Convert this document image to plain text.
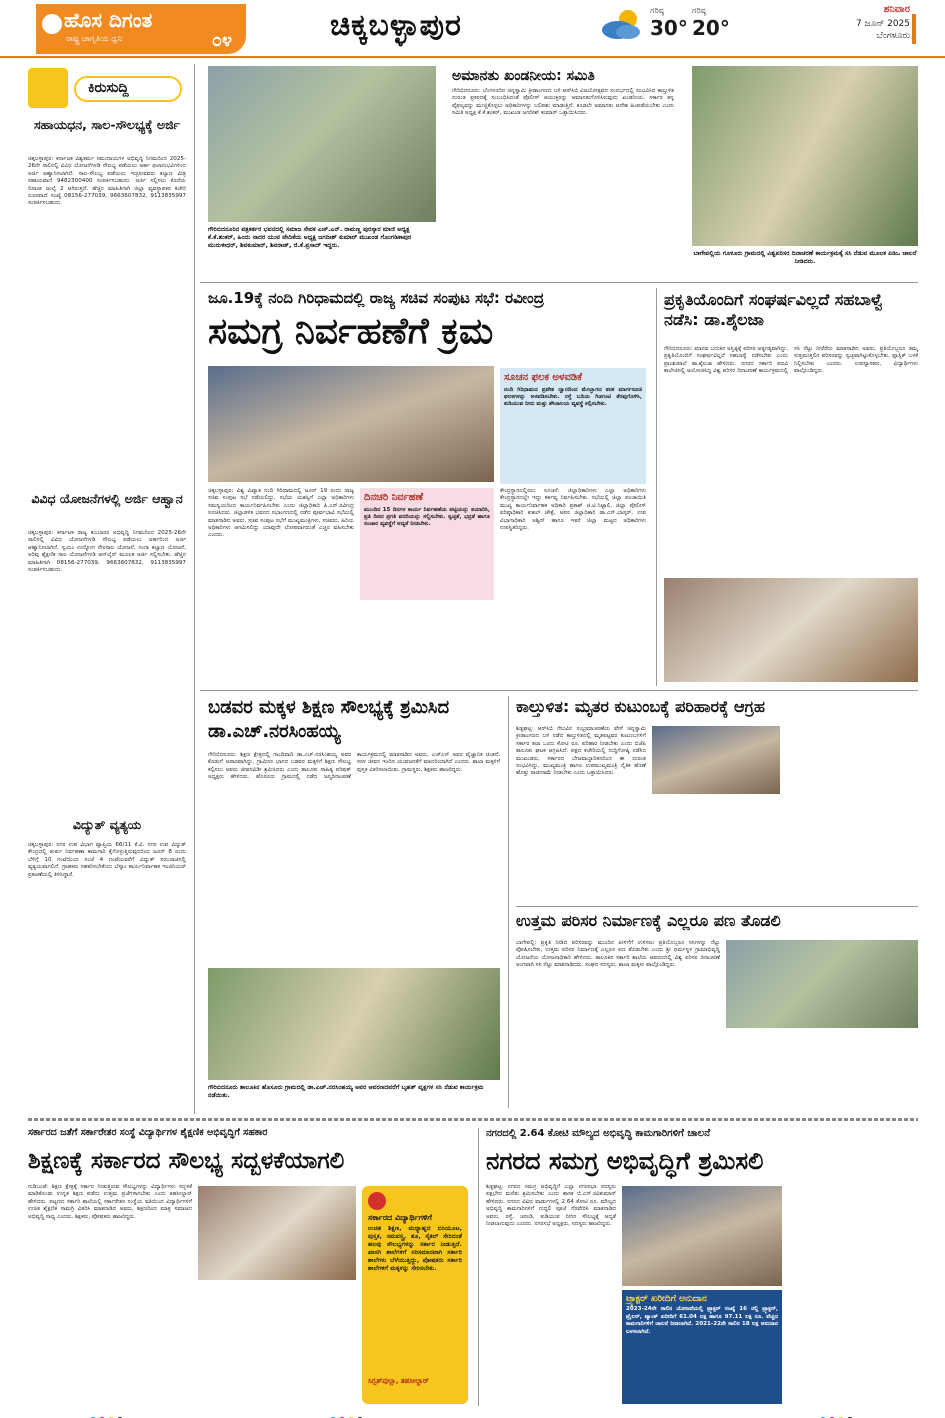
ಹೊಸ ದಿಗಂತ
ರಾಷ್ಟ್ರ ಜಾಗೃತಿಯ ಧ್ವನಿ	೦೪	ಚಿಕ್ಕಬಳ್ಳಾಪುರ	ಗರಿಷ್ಠ
30°
ಗರಿಷ್ಠ
20°
ಶನಿವಾರ
7 ಜೂನ್ 2025
ಬೆಂಗಳೂರು
ಕಿರುಸುದ್ದಿ
ಸಹಾಯಧನ, ಸಾಲ-ಸೌಲಭ್ಯಕ್ಕೆ ಅರ್ಜಿ
ಚಿಕ್ಕಬಳ್ಳಾಪುರ: ಕರ್ನಾಟಕ ವಿಶ್ವಕರ್ಮ ಸಮುದಾಯಗಳ ಅಭಿವೃದ್ಧಿ ನಿಗಮದಿಂದ 2025-26ನೇ ಸಾಲಿನಲ್ಲಿ ವಿವಿಧ ಯೋಜನೆಗಳಡಿ ಸೌಲಭ್ಯ ಪಡೆಯಲು ಅರ್ಹ ಫಲಾನುಭವಿಗಳಿಂದ ಅರ್ಜಿ ಆಹ್ವಾನಿಸಲಾಗಿದೆ. ಸಾಲ-ಸೌಲಭ್ಯ ಪಡೆಯಲು ಇಚ್ಛಿಸುವವರು ಕಲ್ಯಾಣ ಮಿತ್ರ ಸಹಾಯವಾಣಿ 9482300400 ಸಂಪರ್ಕಿಸಬಹುದು. ಅರ್ಜಿ ಸಲ್ಲಿಸಲು ಕೊನೆಯ ದಿನಾಂಕ ಜುಲೈ 2 ಆಗಿರುತ್ತದೆ. ಹೆಚ್ಚಿನ ಮಾಹಿತಿಗಾಗಿ ಜಿಲ್ಲಾ ವ್ಯವಸ್ಥಾಪಕರ ಕಚೇರಿ ದೂರವಾಣಿ ಸಂಖ್ಯೆ 08156-277039, 9663607832, 9113835997 ಸಂಪರ್ಕಿಸಬಹುದು.
ವಿವಿಧ ಯೋಜನೆಗಳಲ್ಲಿ ಅರ್ಜಿ ಆಹ್ವಾನ
ಚಿಕ್ಕಬಳ್ಳಾಪುರ: ಕರ್ನಾಟಕ ರಾಜ್ಯ ಕುಂಬಾರರ ಅಭಿವೃದ್ಧಿ ನಿಗಮದಿಂದ 2025-26ನೇ ಸಾಲಿನಲ್ಲಿ ವಿವಿಧ ಯೋಜನೆಗಳಡಿ ಸೌಲಭ್ಯ ಪಡೆಯಲು ಅರ್ಹರಿಂದ ಅರ್ಜಿ ಆಹ್ವಾನಿಸಲಾಗಿದೆ. ಸ್ವಯಂ ಉದ್ಯೋಗ ನೇರಸಾಲ ಯೋಜನೆ, ಗಂಗಾ ಕಲ್ಯಾಣ ಯೋಜನೆ, ಅರಿವು ಶೈಕ್ಷಣಿಕ ಸಾಲ ಯೋಜನೆಗಳಡಿ ಆನ್‌ಲೈನ್ ಮೂಲಕ ಅರ್ಜಿ ಸಲ್ಲಿಸಬೇಕು. ಹೆಚ್ಚಿನ ಮಾಹಿತಿಗಾಗಿ 08156-277039, 9663607832, 9113835997 ಸಂಪರ್ಕಿಸಬಹುದು.
ವಿದ್ಯುತ್ ವ್ಯತ್ಯಯ
ಚಿಕ್ಕಬಳ್ಳಾಪುರ: ನಗರ ಉಪ ವಿಭಾಗ ವ್ಯಾಪ್ತಿಯ 66/11 ಕೆ.ವಿ. ನಗರ ಉಪ ವಿದ್ಯುತ್ ಕೇಂದ್ರದಲ್ಲಿ ತುರ್ತು ನಿರ್ವಹಣಾ ಕಾಮಗಾರಿ ಕೈಗೊಳ್ಳುತ್ತಿರುವುದರಿಂದ ಜೂನ್ 8 ರಂದು ಬೆಳಿಗ್ಗೆ 10 ಗಂಟೆಯಿಂದ ಸಂಜೆ 4 ಗಂಟೆಯವರೆಗೆ ವಿದ್ಯುತ್ ಸರಬರಾಜಿನಲ್ಲಿ ವ್ಯತ್ಯಯವಾಗಲಿದೆ. ಗ್ರಾಹಕರು ಸಹಕರಿಸಬೇಕೆಂದು ಬೆಸ್ಕಾಂ ಕಾರ್ಯನಿರ್ವಾಹಕ ಇಂಜಿನಿಯರ್ ಪ್ರಕಟಣೆಯಲ್ಲಿ ತಿಳಿಸಿದ್ದಾರೆ.
ಗೌರಿಬಿದನೂರಿನ ಪತ್ರಕರ್ತರ ಭವನದಲ್ಲಿ ಸಮಾಜ ಸೇವಕ ಎಚ್.ಎನ್. ರಾಮಣ್ಣ ಪುರಸ್ಕಾರ ಮಾಜಿ ಅಧ್ಯಕ್ಷ ಕೆ.ಕೆ.ಶಂಕರ್‌, ಹಿಂದು ಸಾದರ ಯುವ ವೇದಿಕೆಯ ಅಧ್ಯಕ್ಷ ಜಗದೀಶ್ ಕುಮಾರ್ ಮುಖಂಡ ಗೊಂಗಡಿಕಾಪುರ ಮುರುಳೀಧರ್, ಶಿವಕುಮಾರ್, ಶಿವರಾಜ್, ಜಿ.ಕೆ.ಪ್ರಸಾದ್ ಇದ್ದರು.
ಅಮಾನತು ಖಂಡನೀಯ: ಸಮಿತಿ
ಗೌರಿಬಿದನೂರು: ಬೆಂಗಳೂರಿನ ಚಿನ್ನಸ್ವಾಮಿ ಕ್ರೀಡಾಂಗಣದ ಬಳಿ ಆರ್‌ಸಿಬಿ ವಿಜಯೋತ್ಸವದ ಸಂದರ್ಭದಲ್ಲಿ ಸಂಭವಿಸಿದ ಕಾಲ್ತುಳಿತ ದುರಂತ ಪ್ರಕರಣಕ್ಕೆ ಸಂಬಂಧಿಸಿದಂತೆ ಪೊಲೀಸ್ ಆಯುಕ್ತರನ್ನು ಅಮಾನತುಗೊಳಿಸಿರುವುದು ಖಂಡನೀಯ. ಸರ್ಕಾರ ತನ್ನ ವೈಫಲ್ಯವನ್ನು ಮುಚ್ಚಿಕೊಳ್ಳಲು ಅಧಿಕಾರಿಗಳನ್ನು ಬಲಿಪಶು ಮಾಡುತ್ತಿದೆ. ಕೂಡಲೇ ಅಮಾನತು ಆದೇಶ ಹಿಂಪಡೆಯಬೇಕು ಎಂದು ಸಮಿತಿ ಅಧ್ಯಕ್ಷ ಕೆ.ಕೆ.ಶಂಕರ್, ಮುಖಂಡ ಜಗದೀಶ್ ಕುಮಾರ್ ಒತ್ತಾಯಿಸಿದರು.
ಬಾಗೇಪಲ್ಲಿಯ ಗೂಳೂರು ಗ್ರಾಮದಲ್ಲಿ ವಿಶ್ವಪರಿಸರ ದಿನಾಚರಣೆ ಕಾರ್ಯಕ್ರಮಕ್ಕೆ ಸಸಿ ನೆಡುವ ಮೂಲಕ ಪಿಡಿಒ ಚಾಲನೆ ನೀಡಿದರು.
ಜೂ.19ಕ್ಕೆ ನಂದಿ ಗಿರಿಧಾಮದಲ್ಲಿ ರಾಜ್ಯ ಸಚಿವ ಸಂಪುಟ ಸಭೆ: ರವೀಂದ್ರ
ಸಮಗ್ರ ನಿರ್ವಹಣೆಗೆ ಕ್ರಮ
ಸೂಚನ ಫಲಕ ಅಳವಡಿಕೆ
ನಂದಿ ಗಿರಿಧಾಮದ ಪ್ರವೇಶ ದ್ವಾರದಿಂದ ಮೇಲ್ಭಾಗದ ತನಕ ಮಾರ್ಗಸೂಚಿ ಫಲಕಗಳನ್ನು ಅಳವಡಿಸಬೇಕು. ರಸ್ತೆ ಬದಿಯ ಗಿಡಗಂಟಿ ತೆರವುಗೊಳಿಸಿ, ಕುಡಿಯುವ ನೀರು ಮತ್ತು ಶೌಚಾಲಯ ವ್ಯವಸ್ಥೆ ಕಲ್ಪಿಸಬೇಕು.
ಚಿಕ್ಕಬಳ್ಳಾಪುರ: ವಿಶ್ವ ವಿಖ್ಯಾತ ನಂದಿ ಗಿರಿಧಾಮದಲ್ಲಿ ಜೂನ್ 19 ರಂದು ರಾಜ್ಯ ಸಚಿವ ಸಂಪುಟ ಸಭೆ ನಡೆಯಲಿದ್ದು, ಸಭೆಯ ಯಶಸ್ವಿಗೆ ಎಲ್ಲಾ ಅಧಿಕಾರಿಗಳು ಸಮನ್ವಯದಿಂದ ಕಾರ್ಯನಿರ್ವಹಿಸಬೇಕು ಎಂದು ಜಿಲ್ಲಾಧಿಕಾರಿ ಪಿ.ಎನ್.ರವೀಂದ್ರ ಸೂಚಿಸಿದರು. ಜಿಲ್ಲಾಡಳಿತ ಭವನದ ಸಭಾಂಗಣದಲ್ಲಿ ನಡೆದ ಪೂರ್ವಭಾವಿ ಸಭೆಯಲ್ಲಿ ಮಾತನಾಡಿದ ಅವರು, ಸಚಿವ ಸಂಪುಟ ಸಭೆಗೆ ಮುಖ್ಯಮಂತ್ರಿಗಳು, ಸಚಿವರು, ಹಿರಿಯ ಅಧಿಕಾರಿಗಳು ಆಗಮಿಸಲಿದ್ದು ಯಾವುದೇ ಲೋಪವಾಗದಂತೆ ಎಚ್ಚರ ವಹಿಸಬೇಕು ಎಂದರು.
ದಿನಚರಿ ನಿರ್ವಹಣೆ
ಮುಂದಿನ 15 ದಿನಗಳ ಕಾರ್ಯ ನಿರ್ವಹಣೆಯ ಪಟ್ಟಿಯನ್ನು ತಯಾರಿಸಿ, ಪ್ರತಿ ದಿನದ ಪ್ರಗತಿ ವರದಿಯನ್ನು ಸಲ್ಲಿಸಬೇಕು. ಸ್ವಚ್ಛತೆ, ಭದ್ರತೆ ಹಾಗೂ ಸಂಚಾರ ವ್ಯವಸ್ಥೆಗೆ ಆದ್ಯತೆ ನೀಡಬೇಕು.
ಕೇಂದ್ರಸ್ಥಾನದಲ್ಲಿರಲು ಸೂಚನೆ: ಜಿಲ್ಲಾಧಿಕಾರಿಗಳು ಎಲ್ಲಾ ಅಧಿಕಾರಿಗಳು ಕೇಂದ್ರಸ್ಥಾನದಲ್ಲೇ ಇದ್ದು ಕರ್ತವ್ಯ ನಿರ್ವಹಿಸಬೇಕು. ಸಭೆಯಲ್ಲಿ ಜಿಲ್ಲಾ ಪಂಚಾಯಿತಿ ಮುಖ್ಯ ಕಾರ್ಯನಿರ್ವಾಹಕ ಅಧಿಕಾರಿ ಪ್ರಕಾಶ್ ಜಿ.ಟಿ.ನಿಟ್ಟಾಲಿ, ಜಿಲ್ಲಾ ಪೊಲೀಸ್ ವರಿಷ್ಠಾಧಿಕಾರಿ ಕುಶಲ್ ಚೌಕ್ಸೆ, ಅಪರ ಜಿಲ್ಲಾಧಿಕಾರಿ ಡಾ.ಎನ್.ಭಾಸ್ಕರ್, ಉಪ ವಿಭಾಗಾಧಿಕಾರಿ ಅಶ್ವಿನ್ ಹಾಗೂ ಇತರೆ ಜಿಲ್ಲಾ ಮಟ್ಟದ ಅಧಿಕಾರಿಗಳು ಉಪಸ್ಥಿತರಿದ್ದರು.
ಪ್ರಕೃತಿಯೊಂದಿಗೆ ಸಂಘರ್ಷವಿಲ್ಲದೆ ಸಹಬಾಳ್ವೆ ನಡೆಸಿ: ಡಾ.ಶೈಲಜಾ
ಗೌರಿಬಿದನೂರು: ಮಾನವ ಬದುಕಿನ ಅಸ್ತಿತ್ವಕ್ಕೆ ಪರಿಸರ ಅತ್ಯಗತ್ಯವಾಗಿದ್ದು, ಪ್ರಕೃತಿಯೊಂದಿಗೆ ಸಂಘರ್ಷವಿಲ್ಲದೆ ಸಹಬಾಳ್ವೆ ನಡೆಸಬೇಕು ಎಂದು ಪ್ರಾಂಶುಪಾಲೆ ಡಾ.ಶೈಲಜಾ ಹೇಳಿದರು. ನಗರದ ಸರ್ಕಾರಿ ಪದವಿ ಕಾಲೇಜಿನಲ್ಲಿ ಆಯೋಜಿಸಿದ್ದ ವಿಶ್ವ ಪರಿಸರ ದಿನಾಚರಣೆ ಕಾರ್ಯಕ್ರಮದಲ್ಲಿ ಸಸಿ ನೆಟ್ಟು ನೀರೆರೆದು ಮಾತನಾಡಿದ ಅವರು, ಪ್ರತಿಯೊಬ್ಬರೂ ತಮ್ಮ ಸುತ್ತಮುತ್ತಲಿನ ಪರಿಸರವನ್ನು ಸ್ವಚ್ಛವಾಗಿಟ್ಟುಕೊಳ್ಳಬೇಕು, ಪ್ಲಾಸ್ಟಿಕ್ ಬಳಕೆ ನಿಲ್ಲಿಸಬೇಕು ಎಂದರು. ಉಪನ್ಯಾಸಕರು, ವಿದ್ಯಾರ್ಥಿಗಳು ಪಾಲ್ಗೊಂಡಿದ್ದರು.
ಬಡವರ ಮಕ್ಕಳ ಶಿಕ್ಷಣ ಸೌಲಭ್ಯಕ್ಕೆ ಶ್ರಮಿಸಿದ ಡಾ.ಎಚ್.ನರಸಿಂಹಯ್ಯ
ಗೌರಿಬಿದನೂರು: ಶಿಕ್ಷಣ ಕ್ಷೇತ್ರದಲ್ಲಿ ಗಾಂಧಿವಾದಿ ಡಾ.ಎಚ್.ನರಸಿಂಹಯ್ಯ ಅವರ ಕೊಡುಗೆ ಅಪಾರವಾಗಿದ್ದು, ಗ್ರಾಮೀಣ ಭಾಗದ ಬಡವರ ಮಕ್ಕಳಿಗೆ ಶಿಕ್ಷಣ ಸೌಲಭ್ಯ ಕಲ್ಪಿಸಲು ಅವರು ಜೀವನವಿಡೀ ಶ್ರಮಿಸಿದರು ಎಂದು ತಾಲೂಕು ಸಾಹಿತ್ಯ ಪರಿಷತ್ ಅಧ್ಯಕ್ಷರು ಹೇಳಿದರು. ಹೊಸೂರು ಗ್ರಾಮದಲ್ಲಿ ನಡೆದ ಜನ್ಮದಿನಾಚರಣೆ ಕಾರ್ಯಕ್ರಮದಲ್ಲಿ ಮಾತನಾಡಿದ ಅವರು, ಎಚ್‌ಎನ್ ಅವರ ವೈಜ್ಞಾನಿಕ ಚಿಂತನೆ, ಸರಳ ಜೀವನ ಇಂದಿನ ಯುವಜನತೆಗೆ ಮಾದರಿಯಾಗಿದೆ ಎಂದರು. ಶಾಲಾ ಮಕ್ಕಳಿಗೆ ಪುಸ್ತಕ ವಿತರಿಸಲಾಯಿತು. ಗ್ರಾಮಸ್ಥರು, ಶಿಕ್ಷಕರು ಹಾಜರಿದ್ದರು.
ಗೌರಿಬಿದನೂರು ತಾಲೂಕಿನ ಹೊಸೂರು ಗ್ರಾಮದಲ್ಲಿ ಡಾ.ಎಚ್.ನರಸಿಂಹಯ್ಯ ಅವರ ಆವರಣದವರೆಗೆ ಬೃಹತ್ ವೃಕ್ಷಗಳ ಸಸಿ ನೆಡುವ ಕಾರ್ಯಕ್ರಮ ನಡೆಯಿತು.
ಕಾಲ್ತುಳಿತ: ಮೃತರ ಕುಟುಂಬಕ್ಕೆ ಪರಿಹಾರಕ್ಕೆ ಆಗ್ರಹ
ಶಿಡ್ಲಘಟ್ಟ: ಆರ್‌ಸಿಬಿ ಗೆಲುವಿನ ಸಂಭ್ರಮಾಚರಣೆಯ ವೇಳೆ ಚಿನ್ನಸ್ವಾಮಿ ಕ್ರೀಡಾಂಗಣದ ಬಳಿ ನಡೆದ ಕಾಲ್ತುಳಿತದಲ್ಲಿ ಮೃತಪಟ್ಟವರ ಕುಟುಂಬಗಳಿಗೆ ಸರ್ಕಾರ ತಲಾ ಒಂದು ಕೋಟಿ ರೂ. ಪರಿಹಾರ ನೀಡಬೇಕು ಎಂದು ಬಿಜೆಪಿ ತಾಲೂಕು ಘಟಕ ಆಗ್ರಹಿಸಿದೆ. ಪಕ್ಷದ ಕಚೇರಿಯಲ್ಲಿ ಸುದ್ದಿಗೋಷ್ಠಿ ನಡೆಸಿದ ಮುಖಂಡರು, ಸರ್ಕಾರದ ಬೇಜವಾಬ್ದಾರಿತನದಿಂದ ಈ ದುರಂತ ಸಂಭವಿಸಿದ್ದು, ಮುಖ್ಯಮಂತ್ರಿ ಹಾಗೂ ಉಪಮುಖ್ಯಮಂತ್ರಿ ನೈತಿಕ ಹೊಣೆ ಹೊತ್ತು ರಾಜೀನಾಮೆ ನೀಡಬೇಕು ಎಂದು ಒತ್ತಾಯಿಸಿದರು.
ಉತ್ತಮ ಪರಿಸರ ನಿರ್ಮಾಣಕ್ಕೆ ಎಲ್ಲರೂ ಪಣ ತೊಡಲಿ
ಬಾಗೇಪಲ್ಲಿ: ಪ್ರಕೃತಿ ನೀಡಿದ ಪರಿಸರವನ್ನು ಮುಂದಿನ ಪೀಳಿಗೆಗೆ ಉಳಿಸಲು ಪ್ರತಿಯೊಬ್ಬರೂ ಸಸಿಗಳನ್ನು ನೆಟ್ಟು ಪೋಷಿಸಬೇಕು, ಉತ್ತಮ ಪರಿಸರ ನಿರ್ಮಾಣಕ್ಕೆ ಎಲ್ಲರೂ ಪಣ ತೊಡಬೇಕು ಎಂದು ಶ್ರೀ ಧರ್ಮಸ್ಥಳ ಗ್ರಾಮಾಭಿವೃದ್ಧಿ ಯೋಜನೆಯ ಯೋಜನಾಧಿಕಾರಿ ಹೇಳಿದರು. ತಾಲೂಕಿನ ಸರ್ಕಾರಿ ಶಾಲೆಯ ಆವರಣದಲ್ಲಿ ವಿಶ್ವ ಪರಿಸರ ದಿನಾಚರಣೆ ಅಂಗವಾಗಿ ಸಸಿ ನೆಟ್ಟು ಮಾತನಾಡಿದರು. ಸಂಘದ ಸದಸ್ಯರು, ಶಾಲಾ ಮಕ್ಕಳು ಪಾಲ್ಗೊಂಡಿದ್ದರು.
ಸರ್ಕಾರದ ಜತೆಗೆ ಸರ್ಕಾರೇತರ ಸಂಸ್ಥೆ ವಿದ್ಯಾರ್ಥಿಗಳ ಶೈಕ್ಷಣಿಕ ಅಭಿವೃದ್ಧಿಗೆ ಸಹಕಾರ
ಶಿಕ್ಷಣಕ್ಕೆ ಸರ್ಕಾರದ ಸೌಲಭ್ಯ ಸದ್ಬಳಕೆಯಾಗಲಿ
ಗುಡಿಬಂಡೆ: ಶಿಕ್ಷಣ ಕ್ಷೇತ್ರಕ್ಕೆ ಸರ್ಕಾರ ನೀಡುತ್ತಿರುವ ಸೌಲಭ್ಯಗಳನ್ನು ವಿದ್ಯಾರ್ಥಿಗಳು ಸದ್ಬಳಕೆ ಮಾಡಿಕೊಂಡು ಉನ್ನತ ಶಿಕ್ಷಣ ಪಡೆದು ಉತ್ತಮ ಪ್ರಜೆಗಳಾಗಬೇಕು ಎಂದು ತಹಸೀಲ್ದಾರ್ ಹೇಳಿದರು. ಪಟ್ಟಣದ ಸರ್ಕಾರಿ ಶಾಲೆಯಲ್ಲಿ ಸರ್ಕಾರೇತರ ಸಂಸ್ಥೆಯ ವತಿಯಿಂದ ವಿದ್ಯಾರ್ಥಿಗಳಿಗೆ ಉಚಿತ ಶೈಕ್ಷಣಿಕ ಸಾಮಗ್ರಿ ವಿತರಿಸಿ ಮಾತನಾಡಿದ ಅವರು, ಶಿಕ್ಷಣದಿಂದ ಮಾತ್ರ ಸಮಾಜದ ಅಭಿವೃದ್ಧಿ ಸಾಧ್ಯ ಎಂದರು. ಶಿಕ್ಷಕರು, ಪೋಷಕರು ಹಾಜರಿದ್ದರು.	ಸರ್ಕಾರದ ವಿದ್ಯಾರ್ಥಿಗಳಿಗೆ
ಉಚಿತ ಶಿಕ್ಷಣ, ಮಧ್ಯಾಹ್ನದ ಬಿಸಿಯೂಟ, ಪುಸ್ತಕ, ಸಮವಸ್ತ್ರ, ಶೂ, ಸೈಕಲ್ ಸೇರಿದಂತೆ ಹಲವು ಸೌಲಭ್ಯಗಳನ್ನು ಸರ್ಕಾರ ನೀಡುತ್ತಿದೆ. ಖಾಸಗಿ ಶಾಲೆಗಳಿಗೆ ಸರಿಸಮಾನವಾಗಿ ಸರ್ಕಾರಿ ಶಾಲೆಗಳು ಬೆಳೆಯುತ್ತಿದ್ದು, ಪೋಷಕರು ಸರ್ಕಾರಿ ಶಾಲೆಗಳಿಗೆ ಮಕ್ಕಳನ್ನು ಸೇರಿಸಬೇಕು.
ಸಿಗ್ಬತ್‌ವುಲ್ಲಾ, ತಹಸೀಲ್ದಾರ್
ನಗರದಲ್ಲಿ 2.64 ಕೋಟಿ ಮೌಲ್ಯದ ಅಭಿವೃದ್ಧಿ ಕಾಮಗಾರಿಗಳಿಗೆ ಚಾಲನೆ
ನಗರದ ಸಮಗ್ರ ಅಭಿವೃದ್ಧಿಗೆ ಶ್ರಮಿಸಲಿ
ಶಿಡ್ಲಘಟ್ಟ: ನಗರದ ಸಮಗ್ರ ಅಭಿವೃದ್ಧಿಗೆ ಎಲ್ಲಾ ನಗರಸಭಾ ಸದಸ್ಯರು ಪಕ್ಷಭೇದ ಮರೆತು ಶ್ರಮಿಸಬೇಕು ಎಂದು ಶಾಸಕ ಬಿ.ಎನ್.ರವಿಕುಮಾರ್ ಹೇಳಿದರು. ನಗರದ ವಿವಿಧ ವಾರ್ಡುಗಳಲ್ಲಿ 2.64 ಕೋಟಿ ರೂ. ಮೌಲ್ಯದ ಅಭಿವೃದ್ಧಿ ಕಾಮಗಾರಿಗಳಿಗೆ ಗುದ್ದಲಿ ಪೂಜೆ ನೆರವೇರಿಸಿ ಮಾತನಾಡಿದ ಅವರು, ರಸ್ತೆ, ಚರಂಡಿ, ಕುಡಿಯುವ ನೀರಿನ ಸೌಲಭ್ಯಕ್ಕೆ ಆದ್ಯತೆ ನೀಡಲಾಗುವುದು ಎಂದರು. ನಗರಸಭೆ ಅಧ್ಯಕ್ಷರು, ಸದಸ್ಯರು ಹಾಜರಿದ್ದರು.
ಟ್ರ್ಯಾಕ್ಟರ್ ಖರೀದಿಗೆ ಅನುದಾನ
2023-24ನೇ ಸಾಲಿನ ಯೋಜನೆಯಲ್ಲಿ ಟ್ರ್ಯಾಕ್ಟರ್ ಸಂಖ್ಯೆ 16 ರಲ್ಲಿ ಟ್ರ್ಯಾಕ್ಟರ್, ಟ್ರೈಲರ್, ಟ್ಯಾಂಕ್ ಖರೀದಿಗೆ 61.04 ಲಕ್ಷ ಹಾಗೂ 97.11 ಲಕ್ಷ ರೂ. ವೆಚ್ಚದ ಕಾಮಗಾರಿಗಳಿಗೆ ಚಾಲನೆ ನೀಡಲಾಗಿದೆ. 2021-22ನೇ ಸಾಲಿನ 18 ಲಕ್ಷ ಅನುದಾನ ಬಳಸಲಾಗಿದೆ.
